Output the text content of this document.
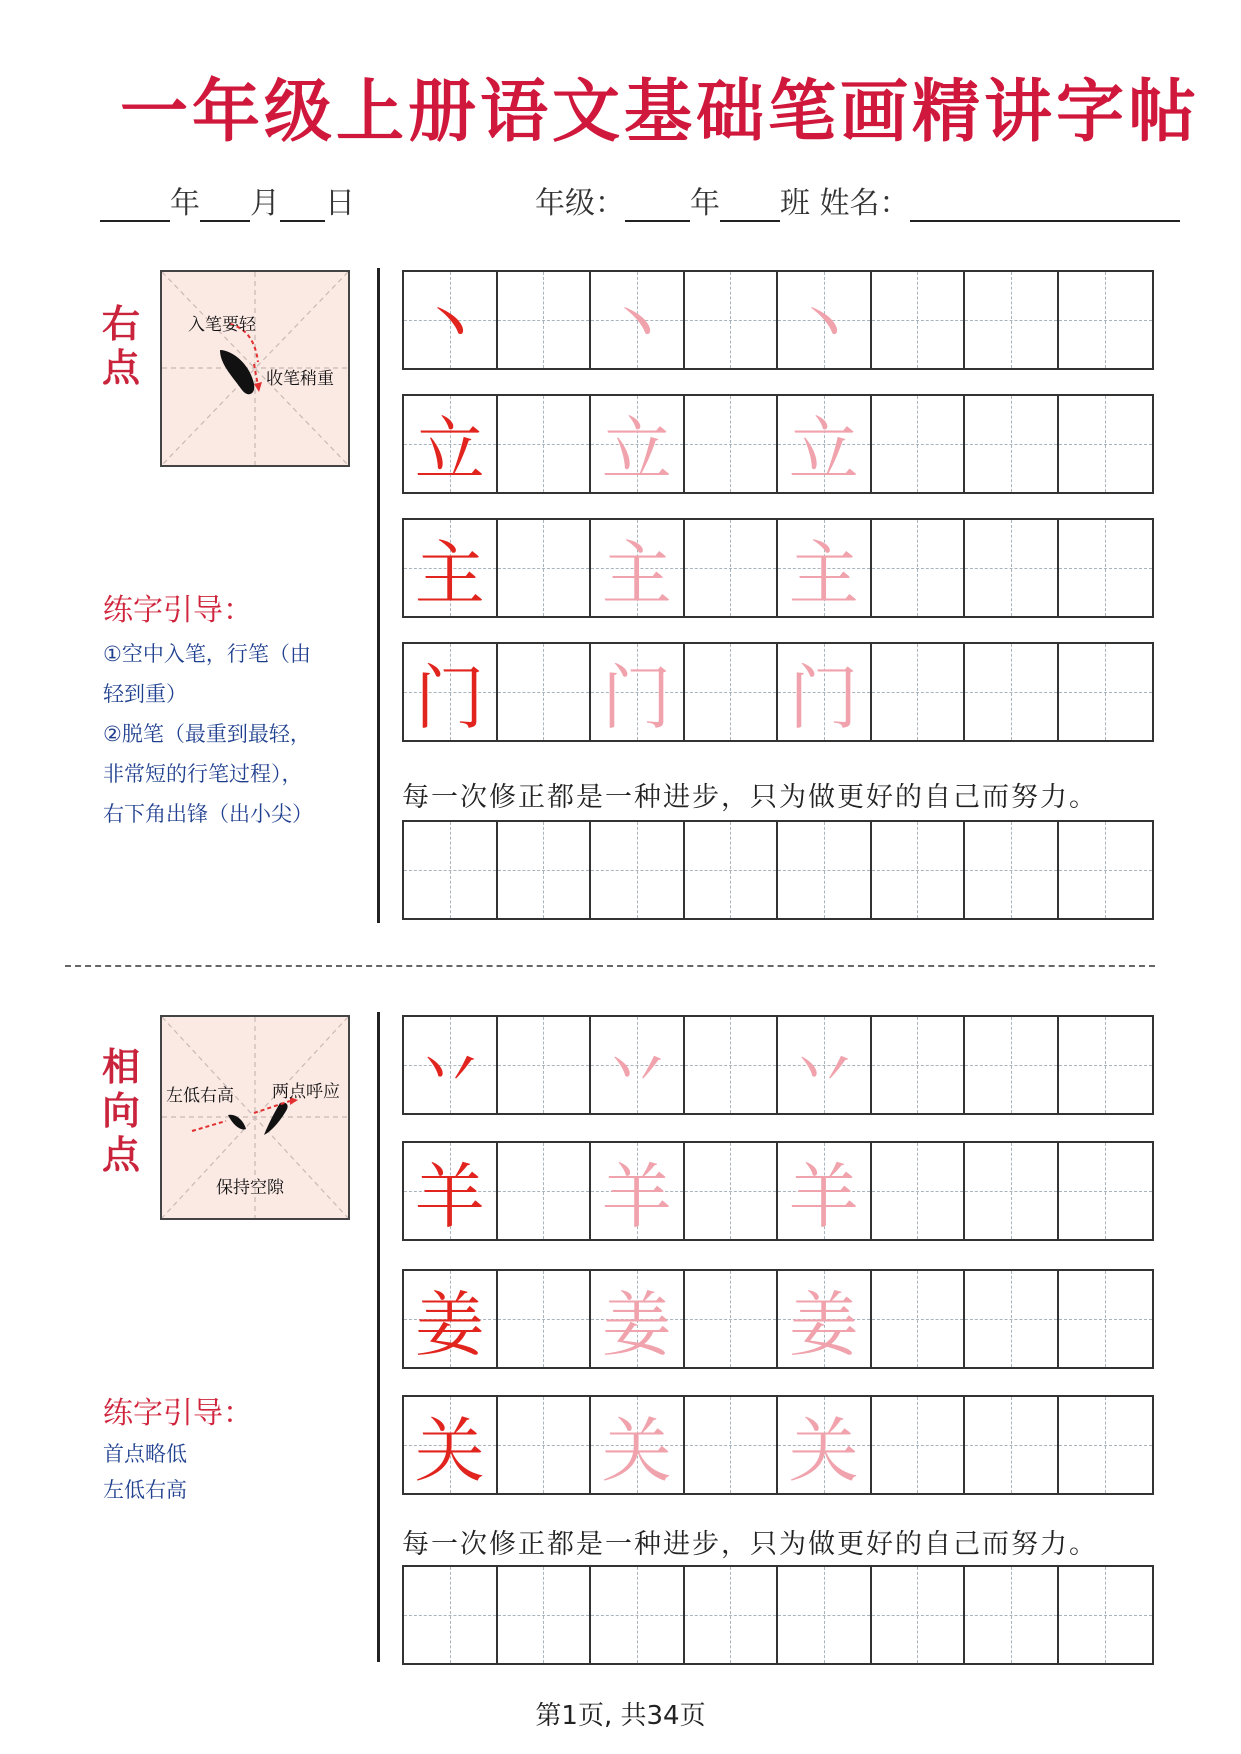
一年级上册语文基础笔画精讲字帖
年 月 日	年级： 年 班 姓名：
右点
入笔要轻
收笔稍重
练字引导：
①空中入笔，行笔（由
轻到重）
②脱笔（最重到最轻，
非常短的行笔过程），
右下角出锋（出小尖）
丶 丶 丶
立 立 立
主 主 主
门 门 门
每一次修正都是一种进步，只为做更好的自己而努力。
相向点
左低右高 两点呼应
保持空隙
练字引导：
首点略低
左低右高
丷 丷 丷
羊 羊 羊
姜 姜 姜
关 关 关
每一次修正都是一种进步，只为做更好的自己而努力。
第1页, 共34页
